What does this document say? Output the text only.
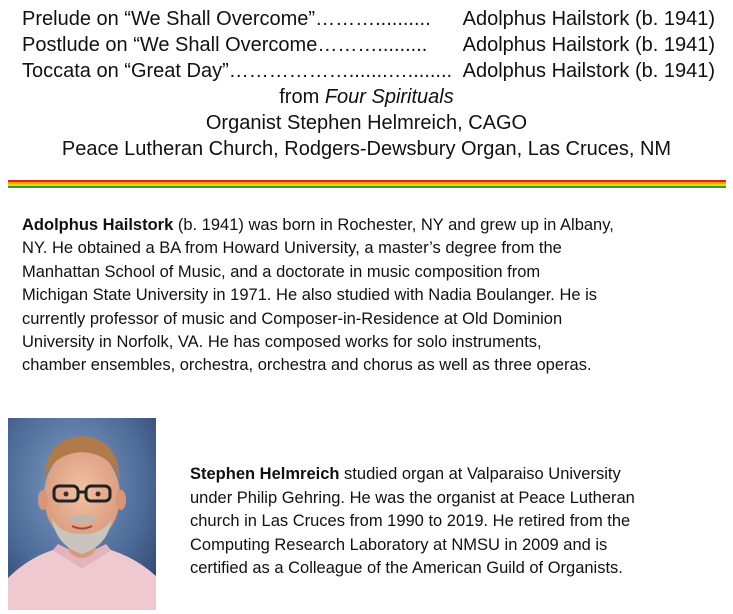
Prelude on “We Shall Overcome”……….......... Adolphus Hailstork (b. 1941)
Postlude on “We Shall Overcome………......... Adolphus Hailstork (b. 1941)
Toccata on “Great Day”……………….......…........ Adolphus Hailstork (b. 1941)
from Four Spirituals
Organist Stephen Helmreich, CAGO
Peace Lutheran Church, Rodgers-Dewsbury Organ, Las Cruces, NM
Adolphus Hailstork (b. 1941) was born in Rochester, NY and grew up in Albany,
NY. He obtained a BA from Howard University, a master’s degree from the
Manhattan School of Music, and a doctorate in music composition from
Michigan State University in 1971. He also studied with Nadia Boulanger. He is
currently professor of music and Composer-in-Residence at Old Dominion
University in Norfolk, VA. He has composed works for solo instruments,
chamber ensembles, orchestra, orchestra and chorus as well as three operas.
Stephen Helmreich studied organ at Valparaiso University
under Philip Gehring. He was the organist at Peace Lutheran
church in Las Cruces from 1990 to 2019. He retired from the
Computing Research Laboratory at NMSU in 2009 and is
certified as a Colleague of the American Guild of Organists.
